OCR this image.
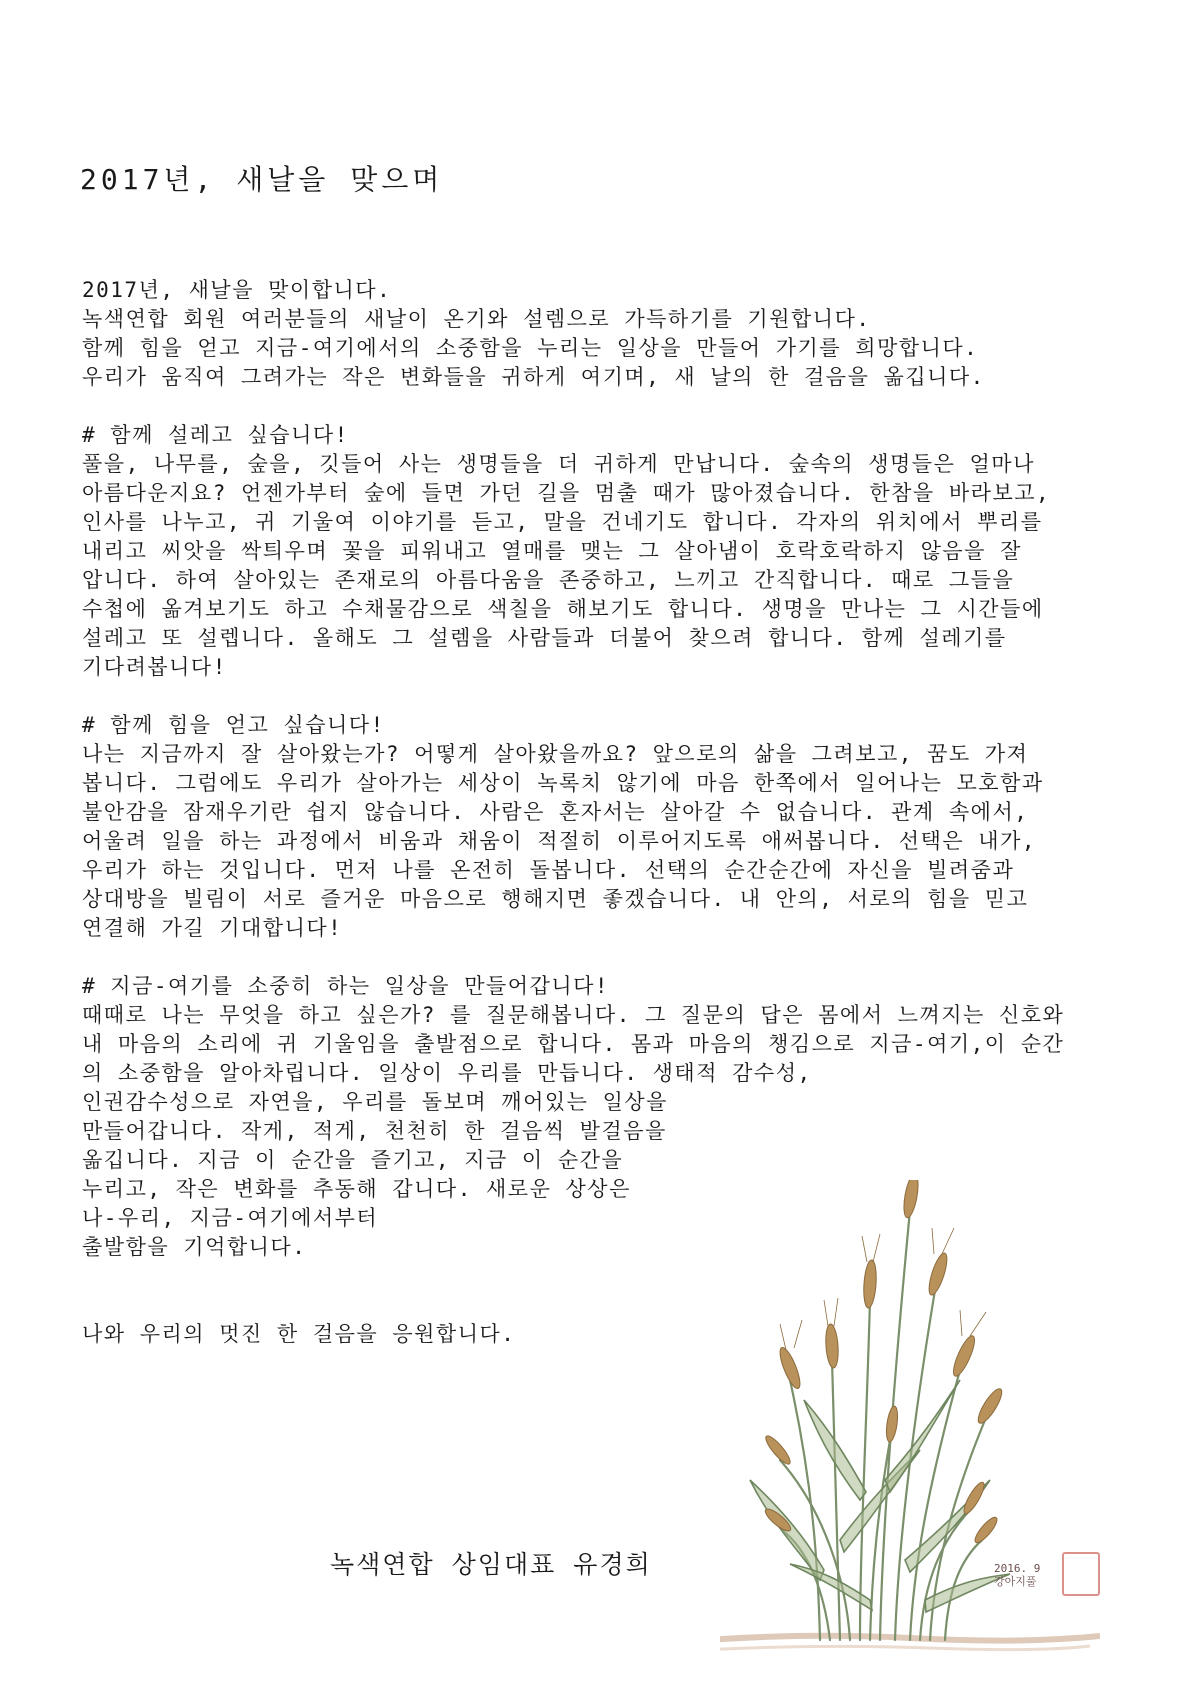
2017년, 새날을 맞으며
2017년, 새날을 맞이합니다.
녹색연합 회원 여러분들의 새날이 온기와 설렘으로 가득하기를 기원합니다.
함께 힘을 얻고 지금-여기에서의 소중함을 누리는 일상을 만들어 가기를 희망합니다.
우리가 움직여 그려가는 작은 변화들을 귀하게 여기며, 새 날의 한 걸음을 옮깁니다.
# 함께 설레고 싶습니다!
풀을, 나무를, 숲을, 깃들어 사는 생명들을 더 귀하게 만납니다. 숲속의 생명들은 얼마나
아름다운지요? 언젠가부터 숲에 들면 가던 길을 멈출 때가 많아졌습니다. 한참을 바라보고,
인사를 나누고, 귀 기울여 이야기를 듣고, 말을 건네기도 합니다. 각자의 위치에서 뿌리를
내리고 씨앗을 싹틔우며 꽃을 피워내고 열매를 맺는 그 살아냄이 호락호락하지 않음을 잘
압니다. 하여 살아있는 존재로의 아름다움을 존중하고, 느끼고 간직합니다. 때로 그들을
수첩에 옮겨보기도 하고 수채물감으로 색칠을 해보기도 합니다. 생명을 만나는 그 시간들에
설레고 또 설렙니다. 올해도 그 설렘을 사람들과 더불어 찾으려 합니다. 함께 설레기를
기다려봅니다!
# 함께 힘을 얻고 싶습니다!
나는 지금까지 잘 살아왔는가? 어떻게 살아왔을까요? 앞으로의 삶을 그려보고, 꿈도 가져
봅니다. 그럼에도 우리가 살아가는 세상이 녹록치 않기에 마음 한쪽에서 일어나는 모호함과
불안감을 잠재우기란 쉽지 않습니다. 사람은 혼자서는 살아갈 수 없습니다. 관계 속에서,
어울려 일을 하는 과정에서 비움과 채움이 적절히 이루어지도록 애써봅니다. 선택은 내가,
우리가 하는 것입니다. 먼저 나를 온전히 돌봅니다. 선택의 순간순간에 자신을 빌려줌과
상대방을 빌림이 서로 즐거운 마음으로 행해지면 좋겠습니다. 내 안의, 서로의 힘을 믿고
연결해 가길 기대합니다!
# 지금-여기를 소중히 하는 일상을 만들어갑니다!
때때로 나는 무엇을 하고 싶은가? 를 질문해봅니다. 그 질문의 답은 몸에서 느껴지는 신호와
내 마음의 소리에 귀 기울임을 출발점으로 합니다. 몸과 마음의 챙김으로 지금-여기,이 순간
의 소중함을 알아차립니다. 일상이 우리를 만듭니다. 생태적 감수성,
인권감수성으로 자연을, 우리를 돌보며 깨어있는 일상을
만들어갑니다. 작게, 적게, 천천히 한 걸음씩 발걸음을
옮깁니다. 지금 이 순간을 즐기고, 지금 이 순간을
누리고, 작은 변화를 추동해 갑니다. 새로운 상상은
나-우리, 지금-여기에서부터
출발함을 기억합니다.
나와 우리의 멋진 한 걸음을 응원합니다.
녹색연합 상임대표 유경희	2016. 9
강아지풀
